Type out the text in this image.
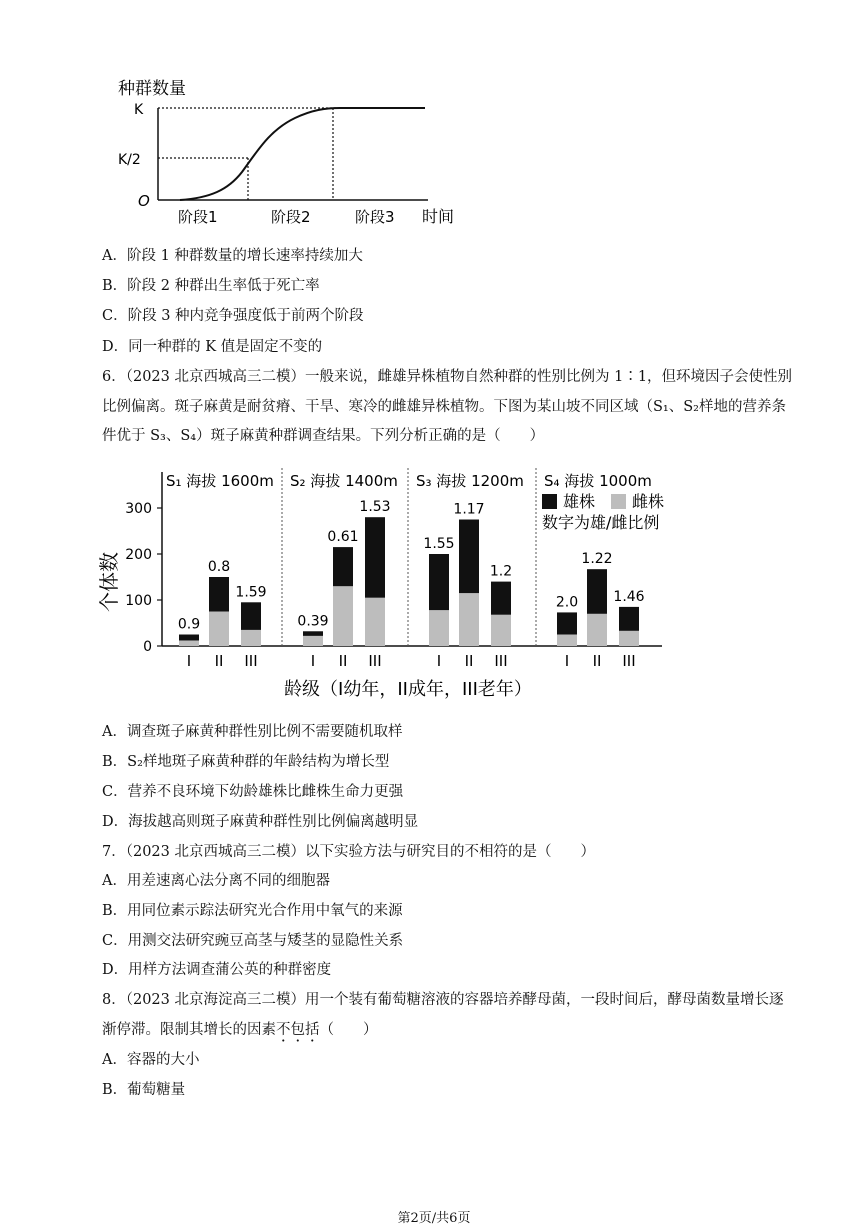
种群数量
K
K/2
O
阶段1	阶段2	阶段3 时间
A．阶段 1 种群数量的增长速率持续加大
B．阶段 2 种群出生率低于死亡率
C．阶段 3 种内竞争强度低于前两个阶段
D．同一种群的 K 值是固定不变的
6．（2023 北京西城高三二模）一般来说，雌雄异株植物自然种群的性别比例为 1∶1，但环境因子会使性别
比例偏离。斑子麻黄是耐贫瘠、干旱、寒冷的雌雄异株植物。下图为某山坡不同区域（S₁、S₂样地的营养条
件优于 S₃、S₄）斑子麻黄种群调查结果。下列分析正确的是（　　）
个体数
0
100
200
300
S₁ 海拔 1600m
0.9
I
0.8
II
1.59
III
S₂ 海拔 1400m
0.39
I
0.61
II
1.53
III
S₃ 海拔 1200m
1.55
I
1.17
II
1.2
III
S₄ 海拔 1000m
2.0
I
1.22
II
1.46
III
龄级（I幼年，II成年，III老年）
数字为雄/雌比例
雄株 雌株
A．调查斑子麻黄种群性别比例不需要随机取样
B．S₂样地斑子麻黄种群的年龄结构为增长型
C．营养不良环境下幼龄雄株比雌株生命力更强
D．海拔越高则斑子麻黄种群性别比例偏离越明显
7．（2023 北京西城高三二模）以下实验方法与研究目的不相符的是（　　）
A．用差速离心法分离不同的细胞器
B．用同位素示踪法研究光合作用中氧气的来源
C．用测交法研究豌豆高茎与矮茎的显隐性关系
D．用样方法调查蒲公英的种群密度
8．（2023 北京海淀高三二模）用一个装有葡萄糖溶液的容器培养酵母菌，一段时间后，酵母菌数量增长逐
渐停滞。限制其增长的因素不包括（　　）
A．容器的大小
B．葡萄糖量
第2页/共6页
